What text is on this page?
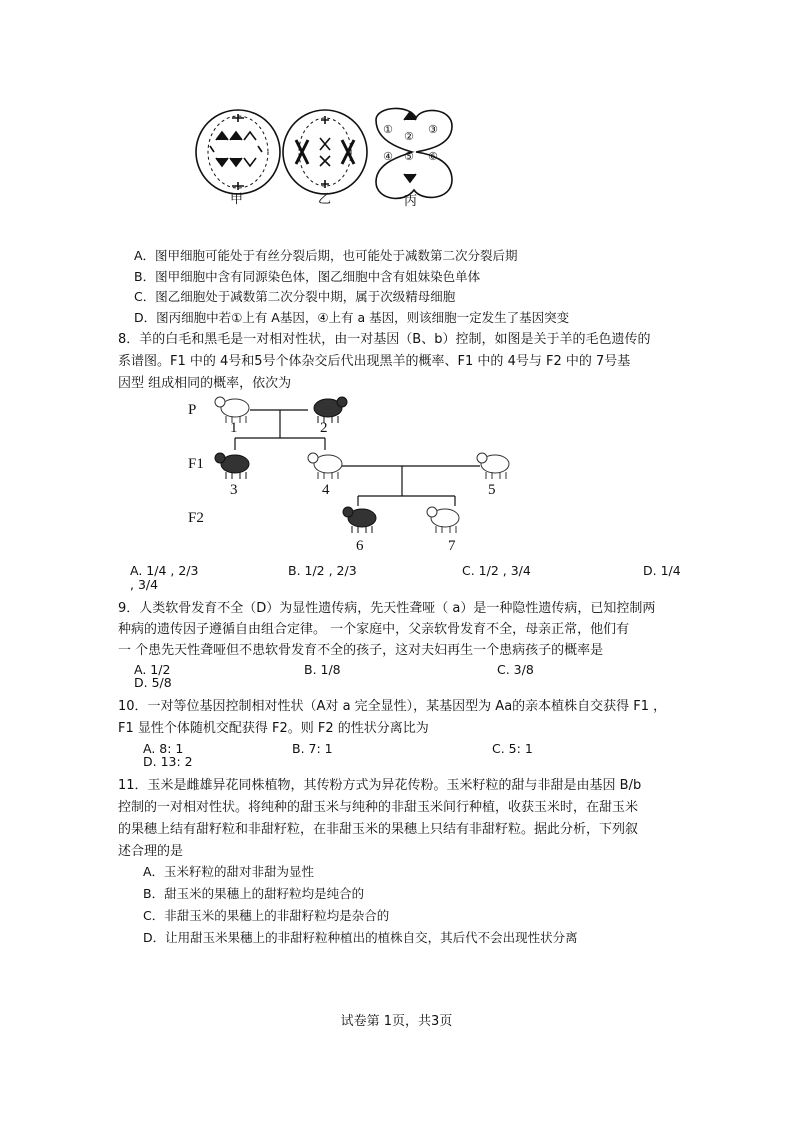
①
②
③
④ ⑤ ⑥
甲	乙	丙
A．图甲细胞可能处于有丝分裂后期，也可能处于减数第二次分裂后期
B．图甲细胞中含有同源染色体，图乙细胞中含有姐妹染色单体
C．图乙细胞处于减数第二次分裂中期，属于次级精母细胞
D．图丙细胞中若①上有 A基因，④上有 a 基因，则该细胞一定发生了基因突变
8．羊的白毛和黑毛是一对相对性状，由一对基因（B、b）控制，如图是关于羊的毛色遗传的
系谱图。F1 中的 4号和5号个体杂交后代出现黑羊的概率、F1 中的 4号与 F2 中的 7号基
因型 组成相同的概率，依次为
P
F1
F2
1	2
3	4	5
6	7
A. 1/4 , 2/3	B. 1/2 , 2/3	C. 1/2 , 3/4	D. 1/4
, 3/4
9．人类软骨发育不全（D）为显性遗传病，先天性聋哑（ a）是一种隐性遗传病，已知控制两
种病的遗传因子遵循自由组合定律。 一个家庭中，父亲软骨发育不全，母亲正常，他们有
一 个患先天性聋哑但不患软骨发育不全的孩子，这对夫妇再生一个患病孩子的概率是
A. 1/2	B. 1/8	C. 3/8
D. 5/8
10．一对等位基因控制相对性状（A对 a 完全显性），某基因型为 Aa的亲本植株自交获得 F1 ，
F1 显性个体随机交配获得 F2。则 F2 的性状分离比为
A. 8: 1	B. 7: 1	C. 5: 1
D. 13: 2
11．玉米是雌雄异花同株植物，其传粉方式为异花传粉。玉米籽粒的甜与非甜是由基因 B/b
控制的一对相对性状。将纯种的甜玉米与纯种的非甜玉米间行种植，收获玉米时，在甜玉米
的果穗上结有甜籽粒和非甜籽粒，在非甜玉米的果穗上只结有非甜籽粒。据此分析，下列叙
述合理的是
A．玉米籽粒的甜对非甜为显性
B．甜玉米的果穗上的甜籽粒均是纯合的
C．非甜玉米的果穗上的非甜籽粒均是杂合的
D．让用甜玉米果穗上的非甜籽粒种植出的植株自交，其后代不会出现性状分离
试卷第 1页，共3页
